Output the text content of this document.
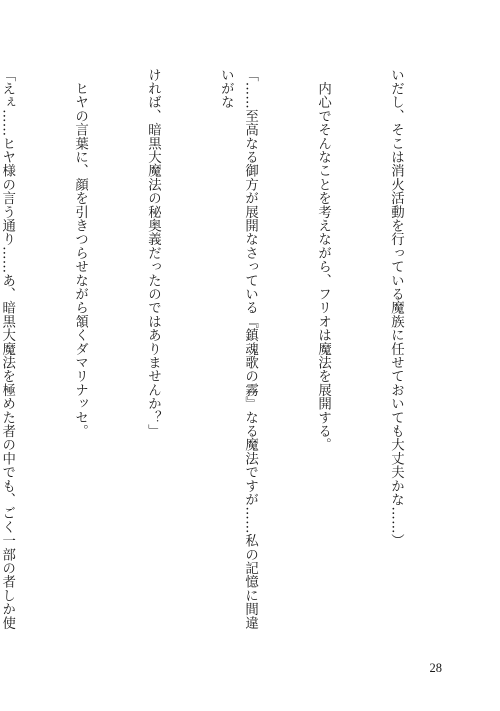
いだし、そこは消火活動を行っている魔族に任せておいても大丈夫かな……）

　内心でそんなことを考えながら、フリオは魔法を展開する。

「……至高なる御方が展開なさっている『鎮魂歌の霧』なる魔法ですが……私の記憶に間違いがな

ければ、暗黒大魔法の秘奥義だったのではありませんか？」

　ヒヤの言葉に、顔を引きつらせながら頷くダマリナッセ。

「えぇ……ヒヤ様の言う通り……あ、暗黒大魔法を極めた者の中でも、ごく一部の者しか使

28
